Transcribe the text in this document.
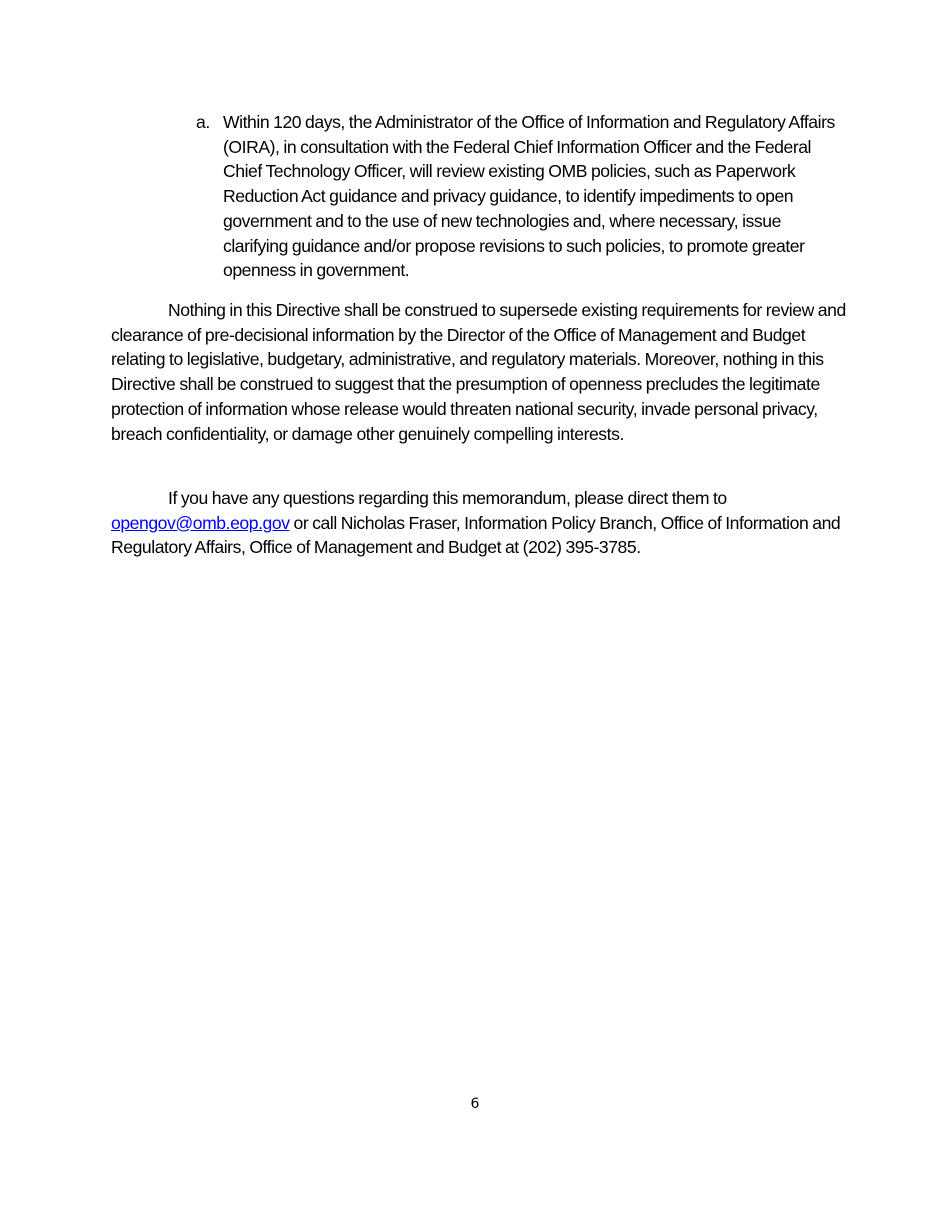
a. Within 120 days, the Administrator of the Office of Information and Regulatory Affairs (OIRA), in consultation with the Federal Chief Information Officer and the Federal Chief Technology Officer, will review existing OMB policies, such as Paperwork Reduction Act guidance and privacy guidance, to identify impediments to open government and to the use of new technologies and, where necessary, issue clarifying guidance and/or propose revisions to such policies, to promote greater openness in government.

Nothing in this Directive shall be construed to supersede existing requirements for review and clearance of pre-decisional information by the Director of the Office of Management and Budget relating to legislative, budgetary, administrative, and regulatory materials. Moreover, nothing in this Directive shall be construed to suggest that the presumption of openness precludes the legitimate protection of information whose release would threaten national security, invade personal privacy, breach confidentiality, or damage other genuinely compelling interests.

If you have any questions regarding this memorandum, please direct them to
opengov@omb.eop.gov or call Nicholas Fraser, Information Policy Branch, Office of Information and Regulatory Affairs, Office of Management and Budget at (202) 395-3785.

6
